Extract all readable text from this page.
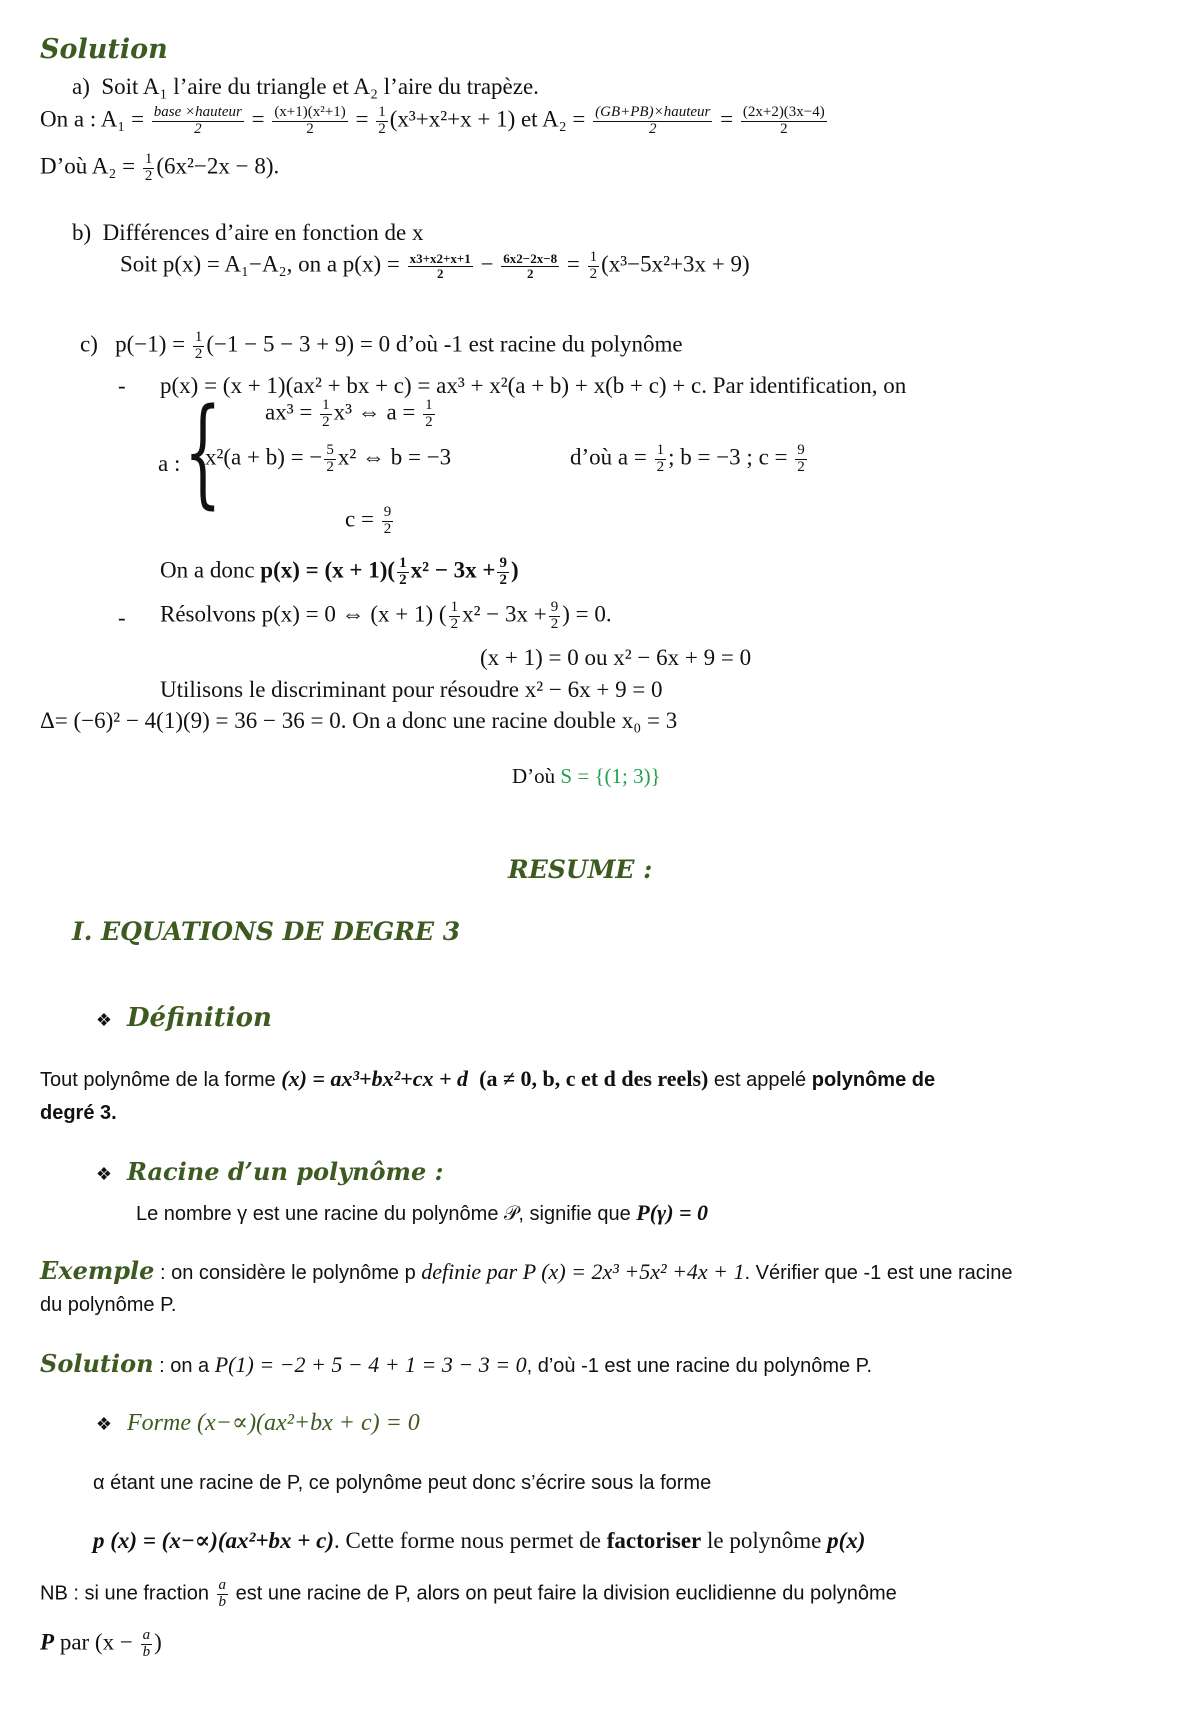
Solution
a) Soit A₁ l’aire du triangle et A₂ l’aire du trapèze.
On a : $A_1 = \frac{\text{base ×hauteur}}{2} = \frac{\text{(x+1)(x²+1)}}{2} = \frac{1}{2} (x^3+x^2+x + 1)$ et $A_2 = \frac{\text{(GB+PB)×hauteur}}{2} = \frac{(2x+2)(3x-4)}{2}$
D’où $A_2 = \frac{1}{2} (6x^2-2x - 8)$.
b) Différences d’aire en fonction de x
Soit p(x) = A₁−A₂, on a $p(x) = \frac{x3+x2+x+1}{2} - \frac{6x2-2x-8}{2} = \frac{1}{2} (x^3-5x^2+3x + 9)$
c) $p(-1) = \frac{1}{2} (-1 - 5 - 3 + 9) = 0$ d’où -1 est racine du polynôme
- p(x) = (x + 1)(ax² + bx + c) = ax³ + x²(a + b) + x(b + c) + c. Par identification, on
a : { $ax^3 = \frac{1}{2} x^3$ ⇔ $a = \frac{1}{2}$
x²(a + b) = − $\frac{5}{2} x^2$ ⇔ b = −3	d’où $a = \frac{1}{2}$ ; b = −3 ; $c = \frac{9}{2}$
$c = \frac{9}{2}$
On a donc $p(x) = (x + 1)( \frac{1}{2} x^2 - 3x + \frac{9}{2}$ )
- Résolvons p(x) = 0 ⇔ (x + 1) ( $\frac{1}{2} x^2 - 3x + \frac{9}{2}$ ) = 0.
(x + 1) = 0 ou x² − 6x + 9 = 0
Utilisons le discriminant pour résoudre x² − 6x + 9 = 0
Δ= (−6)² − 4(1)(9) = 36 − 36 = 0. On a donc une racine double x₀ = 3
D’où S = {(1; 3)}
RESUME :
I. EQUATIONS DE DEGRE 3
❖ Définition
Tout polynôme de la forme (x) = ax³+bx²+cx + d (a ≠ 0, b, c et d des reels) est appelé polynôme de
degré 3.
❖ Racine d’un polynôme :
Le nombre γ est une racine du polynôme 𝒫, signifie que P(γ) = 0
Exemple : on considère le polynôme p definie par P (x) = 2x³ +5x² +4x + 1. Vérifier que -1 est une racine
du polynôme P.
Solution : on a P(1) = −2 + 5 − 4 + 1 = 3 − 3 = 0, d’où -1 est une racine du polynôme P.
❖ Forme (x−∝)(ax²+bx + c) = 0
α étant une racine de P, ce polynôme peut donc s’écrire sous la forme
p (x) = (x−∝)(ax²+bx + c). Cette forme nous permet de factoriser le polynôme p(x)
NB : si une fraction $\frac{a}{b}$ est une racine de P, alors on peut faire la division euclidienne du polynôme
P par ($x - \frac{a}{b}$ )
